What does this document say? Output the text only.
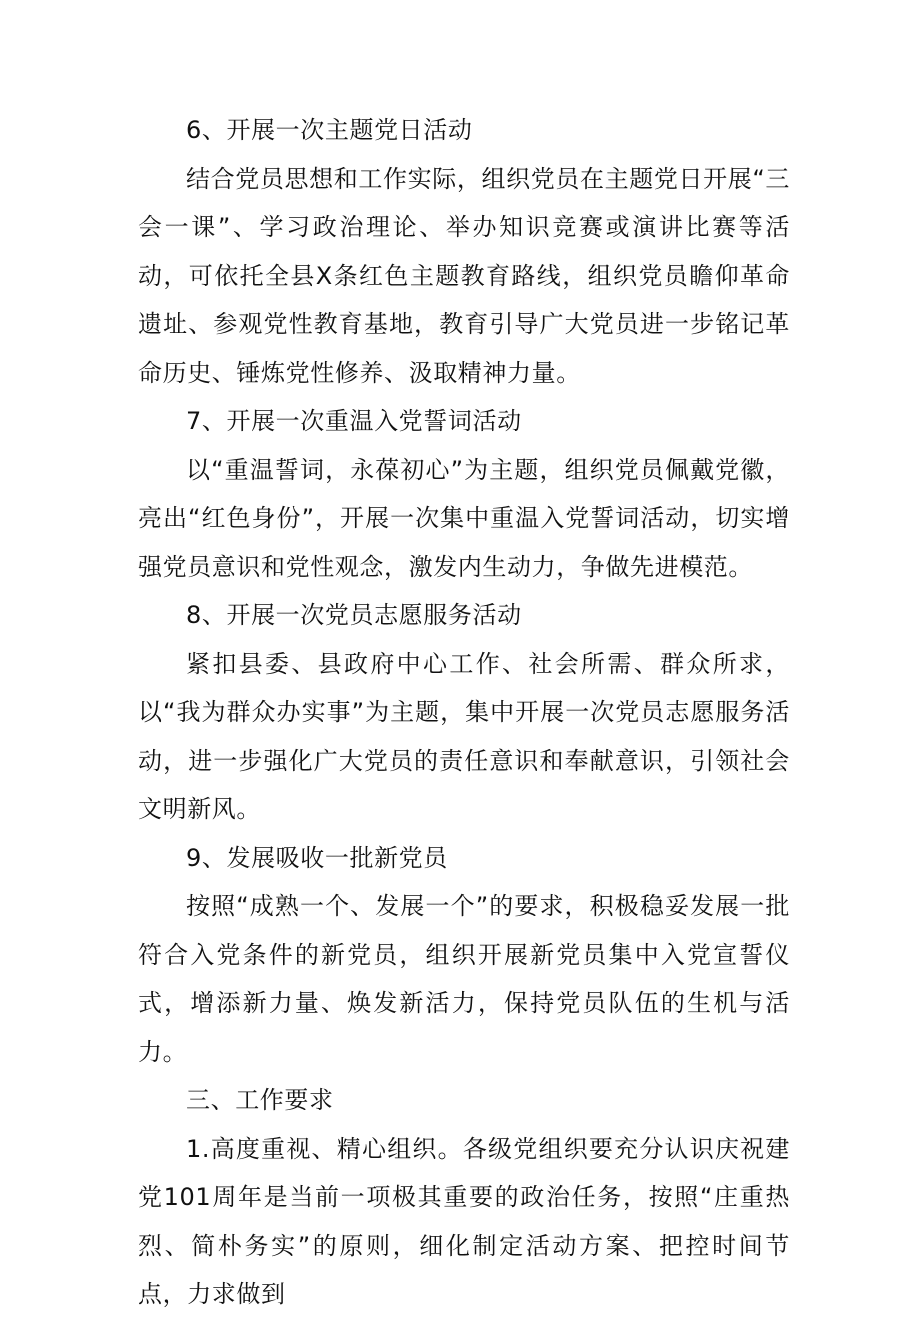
6、开展一次主题党日活动

结合党员思想和工作实际，组织党员在主题党日开展“三会一课”、学习政治理论、举办知识竞赛或演讲比赛等活动，可依托全县X条红色主题教育路线，组织党员瞻仰革命遗址、参观党性教育基地，教育引导广大党员进一步铭记革命历史、锤炼党性修养、汲取精神力量。

7、开展一次重温入党誓词活动

以“重温誓词，永葆初心”为主题，组织党员佩戴党徽，亮出“红色身份”，开展一次集中重温入党誓词活动，切实增强党员意识和党性观念，激发内生动力，争做先进模范。

8、开展一次党员志愿服务活动

紧扣县委、县政府中心工作、社会所需、群众所求，以“我为群众办实事”为主题，集中开展一次党员志愿服务活动，进一步强化广大党员的责任意识和奉献意识，引领社会文明新风。

9、发展吸收一批新党员

按照“成熟一个、发展一个”的要求，积极稳妥发展一批符合入党条件的新党员，组织开展新党员集中入党宣誓仪式，增添新力量、焕发新活力，保持党员队伍的生机与活力。

三、工作要求

1.高度重视、精心组织。各级党组织要充分认识庆祝建党101周年是当前一项极其重要的政治任务，按照“庄重热烈、简朴务实”的原则，细化制定活动方案、把控时间节点，力求做到
